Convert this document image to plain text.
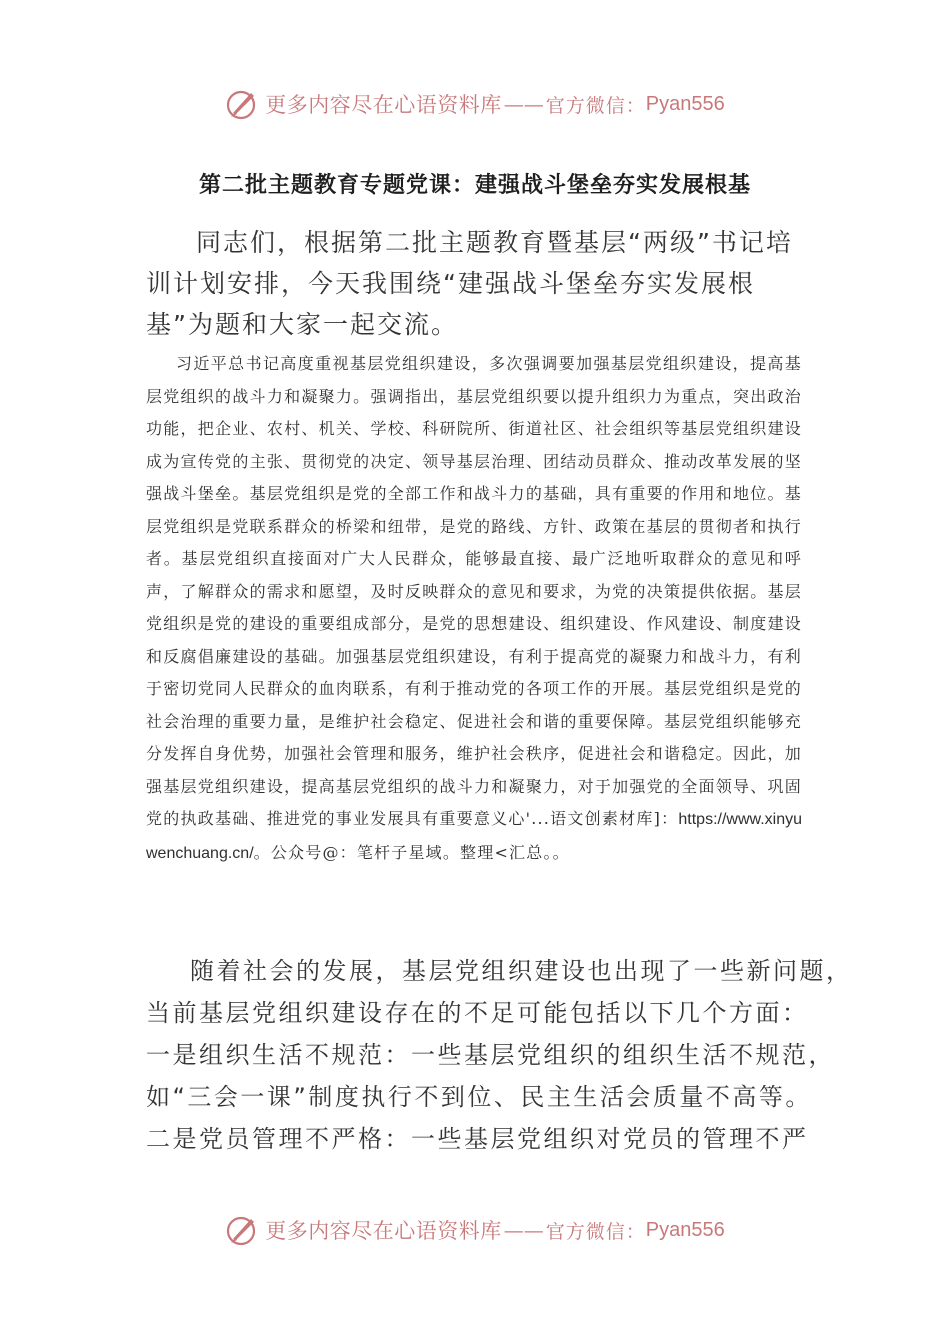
更多内容尽在心语资料库 —— 官方微信： Pyan556
第二批主题教育专题党课：建强战斗堡垒夯实发展根基

同志们，根据第二批主题教育暨基层“两级”书记培训计划安排，今天我围绕“建强战斗堡垒夯实发展根基”为题和大家一起交流。

习近平总书记高度重视基层党组织建设，多次强调要加强基层党组织建设，提高基层党组织的战斗力和凝聚力。强调指出，基层党组织要以提升组织力为重点，突出政治功能，把企业、农村、机关、学校、科研院所、街道社区、社会组织等基层党组织建设成为宣传党的主张、贯彻党的决定、领导基层治理、团结动员群众、推动改革发展的坚强战斗堡垒。基层党组织是党的全部工作和战斗力的基础，具有重要的作用和地位。基层党组织是党联系群众的桥梁和纽带，是党的路线、方针、政策在基层的贯彻者和执行者。基层党组织直接面对广大人民群众，能够最直接、最广泛地听取群众的意见和呼声，了解群众的需求和愿望，及时反映群众的意见和要求，为党的决策提供依据。基层党组织是党的建设的重要组成部分，是党的思想建设、组织建设、作风建设、制度建设和反腐倡廉建设的基础。加强基层党组织建设，有利于提高党的凝聚力和战斗力，有利于密切党同人民群众的血肉联系，有利于推动党的各项工作的开展。基层党组织是党的社会治理的重要力量，是维护社会稳定、促进社会和谐的重要保障。基层党组织能够充分发挥自身优势，加强社会管理和服务，维护社会秩序，促进社会和谐稳定。因此，加强基层党组织建设，提高基层党组织的战斗力和凝聚力，对于加强党的全面领导、巩固党的执政基础、推进党的事业发展具有重要意义心'...语文创素材库]：https://www.xinyuwenchuang.cn/。公众号@：笔杆子星域。整理<汇总。。

随着社会的发展，基层党组织建设也出现了一些新问题，
当前基层党组织建设存在的不足可能包括以下几个方面：
一是组织生活不规范：一些基层党组织的组织生活不规范，
如“三会一课”制度执行不到位、民主生活会质量不高等。
二是党员管理不严格：一些基层党组织对党员的管理不严
更多内容尽在心语资料库 —— 官方微信： Pyan556
